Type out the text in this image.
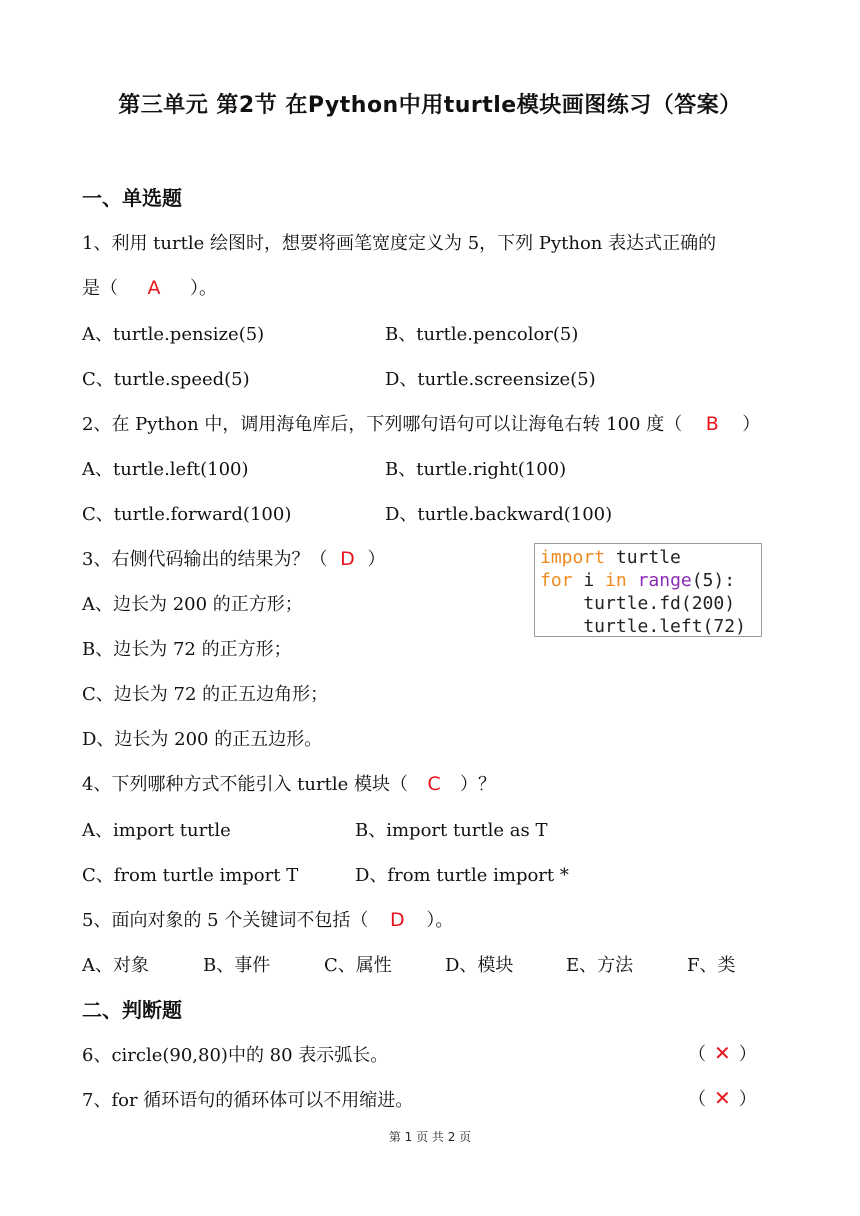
第三单元 第2节 在Python中用turtle模块画图练习（答案）
一、单选题
1、利用 turtle 绘图时，想要将画笔宽度定义为 5，下列 Python 表达式正确的
是（ A ）。
A、turtle.pensize(5)	B、turtle.pencolor(5)
C、turtle.speed(5)	D、turtle.screensize(5)
2、在 Python 中，调用海龟库后，下列哪句语句可以让海龟右转 100 度（ B ）
A、turtle.left(100)	B、turtle.right(100)
C、turtle.forward(100)	D、turtle.backward(100)
3、右侧代码输出的结果为？（ D ）
A、边长为 200 的正方形；
B、边长为 72 的正方形；
C、边长为 72 的正五边角形；
D、边长为 200 的正五边形。
import turtle
for i in range(5):
turtle.fd(200)
turtle.left(72)
4、下列哪种方式不能引入 turtle 模块（ C ）？
A、import turtle	B、import turtle as T
C、from turtle import T	D、from turtle import *
5、面向对象的 5 个关键词不包括（ D ）。
A、对象	B、事件	C、属性	D、模块	E、方法	F、类
二、判断题
6、circle(90,80)中的 80 表示弧长。	（ ✕ ）
7、for 循环语句的循环体可以不用缩进。	（ ✕ ）
第 1 页 共 2 页
